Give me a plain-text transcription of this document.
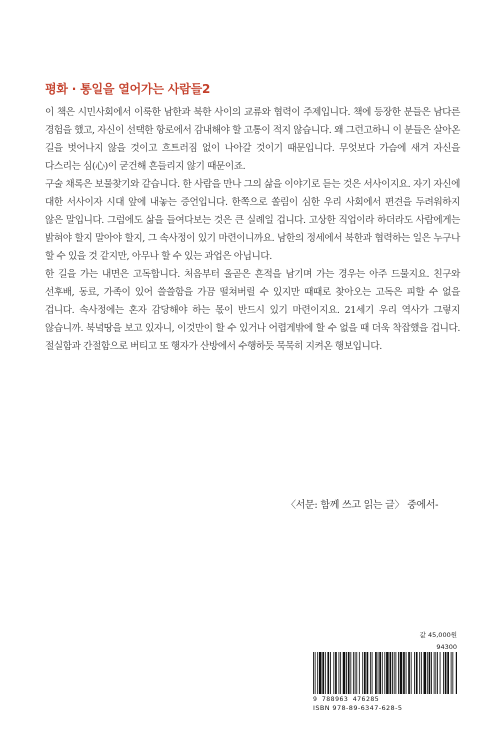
평화 · 통일을 열어가는 사람들2

이 책은 시민사회에서 이룩한 남한과 북한 사이의 교류와 협력이 주제입니다. 책에 등장한 분들은 남다른 경험을 했고, 자신이 선택한 항로에서 감내해야 할 고통이 적지 않습니다. 왜 그런고하니 이 분들은 살아온 길을 벗어나지 않을 것이고 흐트러짐 없이 나아갈 것이기 때문입니다. 무엇보다 가슴에 새겨 자신을 다스리는 심(心)이 굳건해 흔들리지 않기 때문이죠.

구술 채록은 보물찾기와 같습니다. 한 사람을 만나 그의 삶을 이야기로 듣는 것은 서사이지요. 자기 자신에 대한 서사이자 시대 앞에 내놓는 증언입니다. 한쪽으로 쏠림이 심한 우리 사회에서 편견을 두려워하지 않은 말입니다. 그럼에도 삶을 들여다보는 것은 큰 실례일 겁니다. 고상한 직업이라 하더라도 사람에게는 밝혀야 할지 말아야 할지, 그 속사정이 있기 마련이니까요. 남한의 정세에서 북한과 협력하는 일은 누구나 할 수 있을 것 같지만, 아무나 할 수 있는 과업은 아닙니다.

한 길을 가는 내면은 고독합니다. 처음부터 올곧은 흔적을 남기며 가는 경우는 아주 드물지요. 친구와 선후배, 동료, 가족이 있어 쓸쓸함을 가끔 떨쳐버릴 수 있지만 때때로 찾아오는 고독은 피할 수 없을 겁니다. 속사정에는 혼자 감당해야 하는 몫이 반드시 있기 마련이지요. 21세기 우리 역사가 그렇지 않습니까. 북녘땅을 보고 있자니, 이것만이 할 수 있거나 어렵게밖에 할 수 없을 때 더욱 착잡했을 겁니다. 절실함과 간절함으로 버티고 또 행자가 산방에서 수행하듯 묵묵히 지켜온 행보입니다.

〈서문: 함께 쓰고 읽는 글〉 중에서-
값 45,000원
94300
9 788963 476285
ISBN 978-89-6347-628-5
